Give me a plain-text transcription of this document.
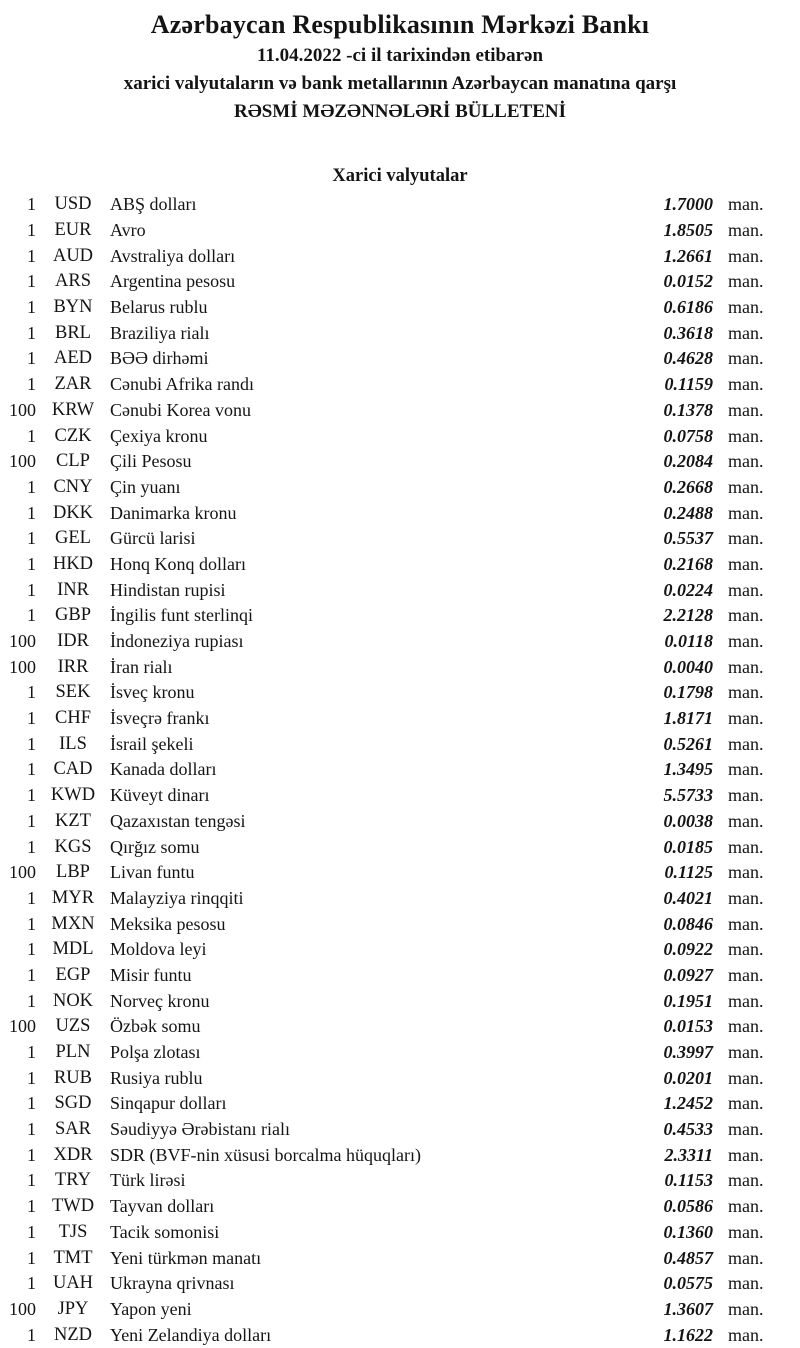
Azərbaycan Respublikasının Mərkəzi Bankı
11.04.2022 -ci il tarixindən etibarən
xarici valyutaların və bank metallarının Azərbaycan manatına qarşı
RƏSMİ MƏZƏNNƏLƏRİ BÜLLETENİ
Xarici valyutalar
1 USD	ABŞ dolları	1.7000 man.
1	EUR	Avro	1.8505 man.
1 AUD Avstraliya dolları	1.2661 man.
1	ARS	Argentina pesosu	0.0152 man.
1 BYN Belarus rublu	0.6186 man.
1	BRL	Braziliya rialı	0.3618 man.
1 AED BƏƏ dirhəmi	0.4628 man.
1	ZAR	Cənubi Afrika randı	0.1159 man.
100 KRW Cənubi Korea vonu	0.1378 man.
1	CZK	Çexiya kronu	0.0758 man.
100	CLP	Çili Pesosu	0.2084 man.
1 CNY Çin yuanı	0.2668 man.
1 DKK Danimarka kronu	0.2488 man.
1	GEL	Gürcü larisi	0.5537 man.
1 HKD Honq Konq dolları	0.2168 man.
1	INR	Hindistan rupisi	0.0224 man.
1	GBP	İngilis funt sterlinqi	2.2128 man.
100	IDR	İndoneziya rupiası	0.0118 man.
100	IRR	İran rialı	0.0040 man.
1	SEK	İsveç kronu	0.1798 man.
1	CHF	İsveçrə frankı	1.8171 man.
1	ILS	İsrail şekeli	0.5261 man.
1 CAD Kanada dolları	1.3495 man.
1 KWD Küveyt dinarı	5.5733 man.
1	KZT	Qazaxıstan tengəsi	0.0038 man.
1 KGS	Qırğız somu	0.0185 man.
100	LBP	Livan funtu	0.1125 man.
1 MYR Malayziya rinqqiti	0.4021 man.
1 MXN Meksika pesosu	0.0846 man.
1 MDL Moldova leyi	0.0922 man.
1	EGP	Misir funtu	0.0927 man.
1 NOK Norveç kronu	0.1951 man.
100	UZS	Özbək somu	0.0153 man.
1	PLN	Polşa zlotası	0.3997 man.
1 RUB Rusiya rublu	0.0201 man.
1 SGD	Sinqapur dolları	1.2452 man.
1	SAR	Səudiyyə Ərəbistanı rialı	0.4533 man.
1 XDR SDR (BVF-nin xüsusi borcalma hüquqları)	2.3311 man.
1	TRY	Türk lirəsi	0.1153 man.
1 TWD Tayvan dolları	0.0586 man.
1	TJS	Tacik somonisi	0.1360 man.
1 TMT Yeni türkmən manatı	0.4857 man.
1 UAH Ukrayna qrivnası	0.0575 man.
100	JPY	Yapon yeni	1.3607 man.
1 NZD Yeni Zelandiya dolları	1.1622 man.
